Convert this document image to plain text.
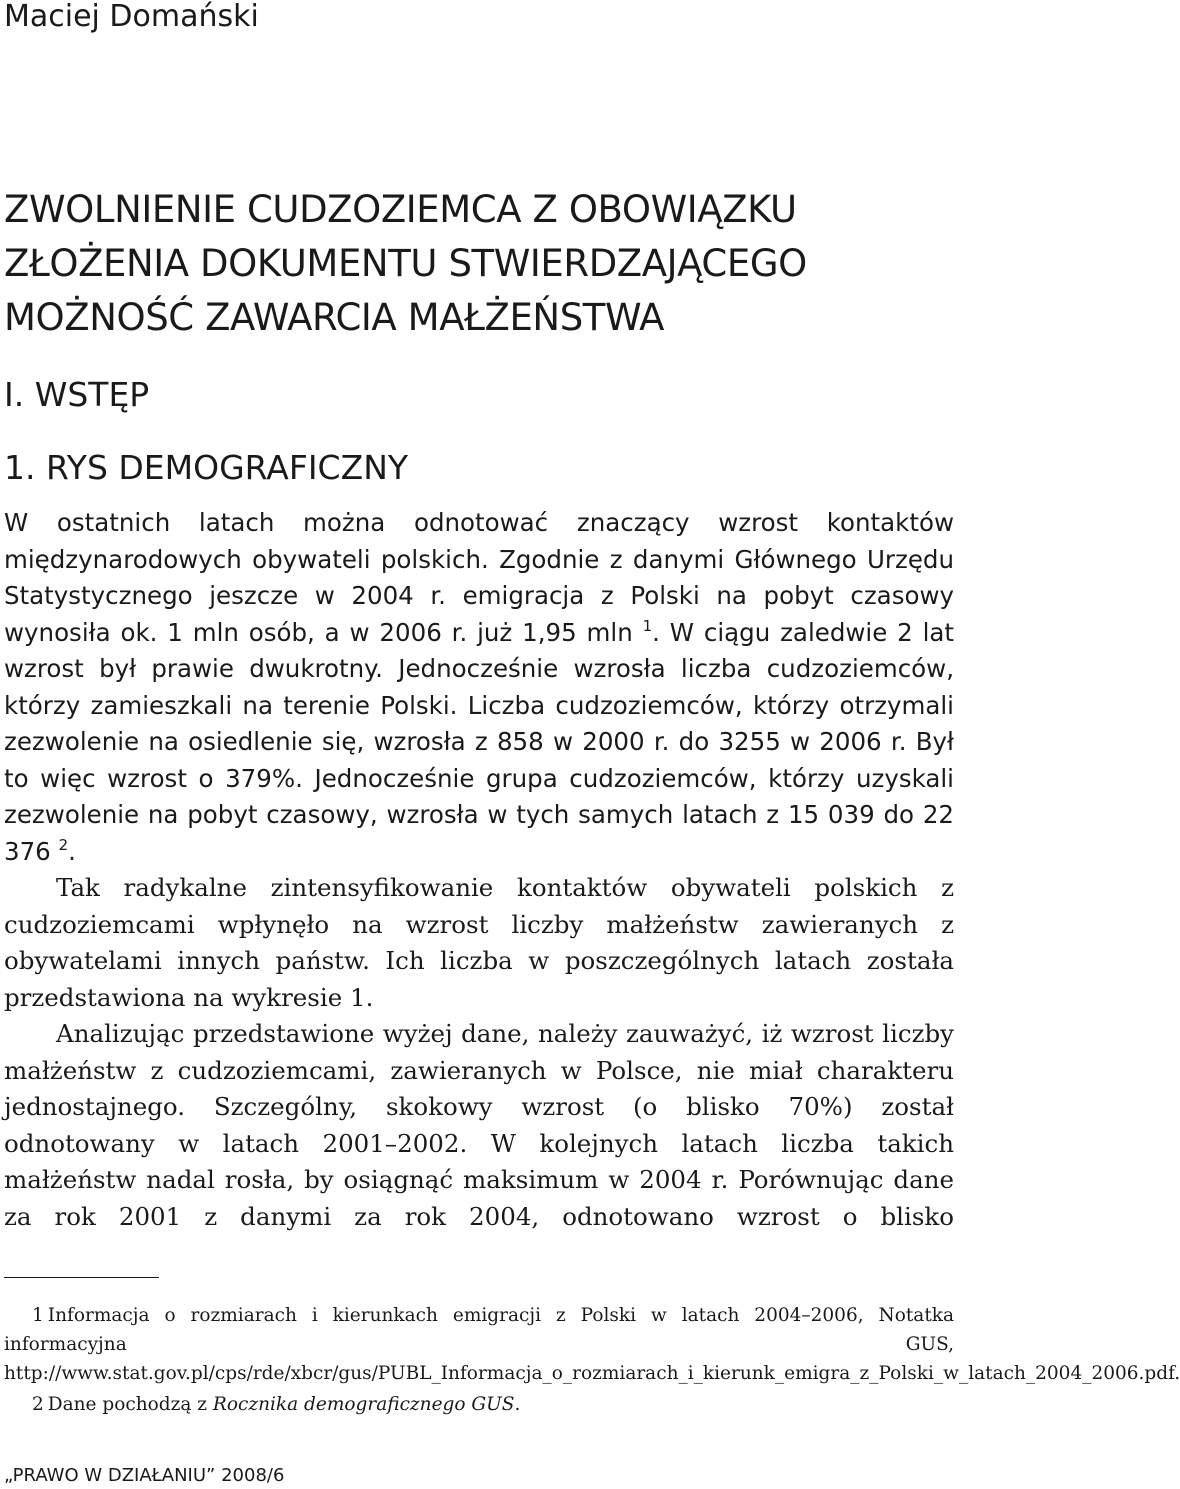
Maciej Domański
ZWOLNIENIE CUDZOZIEMCA Z OBOWIĄZKU
ZŁOŻENIA DOKUMENTU STWIERDZAJĄCEGO
MOŻNOŚĆ ZAWARCIA MAŁŻEŃSTWA
I. WSTĘP
1. RYS DEMOGRAFICZNY

W ostatnich latach można odnotować znaczący wzrost kontaktów międzynarodowych obywateli polskich. Zgodnie z danymi Głównego Urzędu Statystycznego jeszcze w 2004 r. emigracja z Polski na pobyt czasowy wynosiła ok. 1 mln osób, a w 2006 r. już 1,95 mln $^1$. W ciągu zaledwie 2 lat wzrost był prawie dwukrotny. Jednocześnie wzrosła liczba cudzoziemców, którzy zamieszkali na terenie Polski. Liczba cudzoziemców, którzy otrzymali zezwolenie na osiedlenie się, wzrosła z 858 w 2000 r. do 3255 w 2006 r. Był to więc wzrost o 379%. Jednocześnie grupa cudzoziemców, którzy uzyskali zezwolenie na pobyt czasowy, wzrosła w tych samych latach z 15 039 do 22 376 $^2$.

Tak radykalne zintensyfikowanie kontaktów obywateli polskich z cudzoziemcami wpłynęło na wzrost liczby małżeństw zawieranych z obywatelami innych państw. Ich liczba w poszczególnych latach została przedstawiona na wykresie 1.

Analizując przedstawione wyżej dane, należy zauważyć, iż wzrost liczby małżeństw z cudzoziemcami, zawieranych w Polsce, nie miał charakteru jednostajnego. Szczególny, skokowy wzrost (o blisko 70%) został odnotowany w latach 2001–2002. W kolejnych latach liczba takich małżeństw nadal rosła, by osiągnąć maksimum w 2004 r. Porównując dane za rok 2001 z danymi za rok 2004, odnotowano wzrost o blisko

1 Informacja o rozmiarach i kierunkach emigracji z Polski w latach 2004–2006, Notatka informacyjna GUS, http://www.stat.gov.pl/cps/rde/xbcr/gus/PUBL_Informacja_o_rozmiarach_i_kierunk_emigra_z_Polski_w_latach_2004_2006.pdf.

2 Dane pochodzą z Rocznika demograficznego GUS.

„PRAWO W DZIAŁANIU” 2008/6
